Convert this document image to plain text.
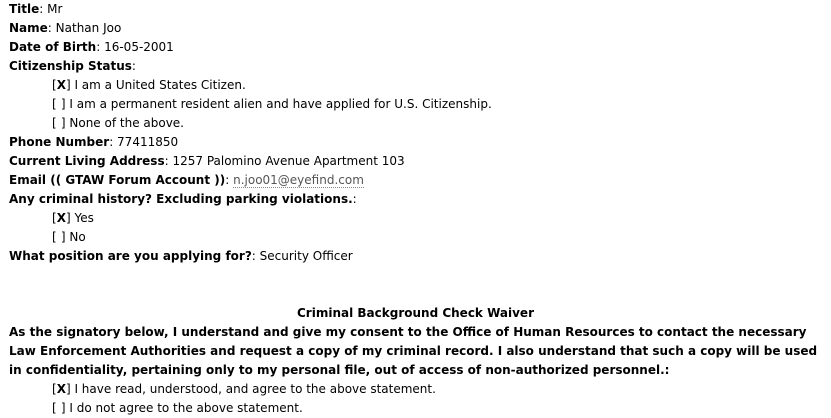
Title: Mr
Name: Nathan Joo
Date of Birth: 16-05-2001
Citizenship Status:
[X] I am a United States Citizen.
[ ] I am a permanent resident alien and have applied for U.S. Citizenship.
[ ] None of the above.
Phone Number: 77411850
Current Living Address: 1257 Palomino Avenue Apartment 103
Email (( GTAW Forum Account )): n.joo01@eyefind.com
Any criminal history? Excluding parking violations.:
[X] Yes
[ ] No
What position are you applying for?: Security Officer
Criminal Background Check Waiver
As the signatory below, I understand and give my consent to the Office of Human Resources to contact the necessary Law Enforcement Authorities and request a copy of my criminal record. I also understand that such a copy will be used in confidentiality, pertaining only to my personal file, out of access of non-authorized personnel.:
[X] I have read, understood, and agree to the above statement.
[ ] I do not agree to the above statement.
